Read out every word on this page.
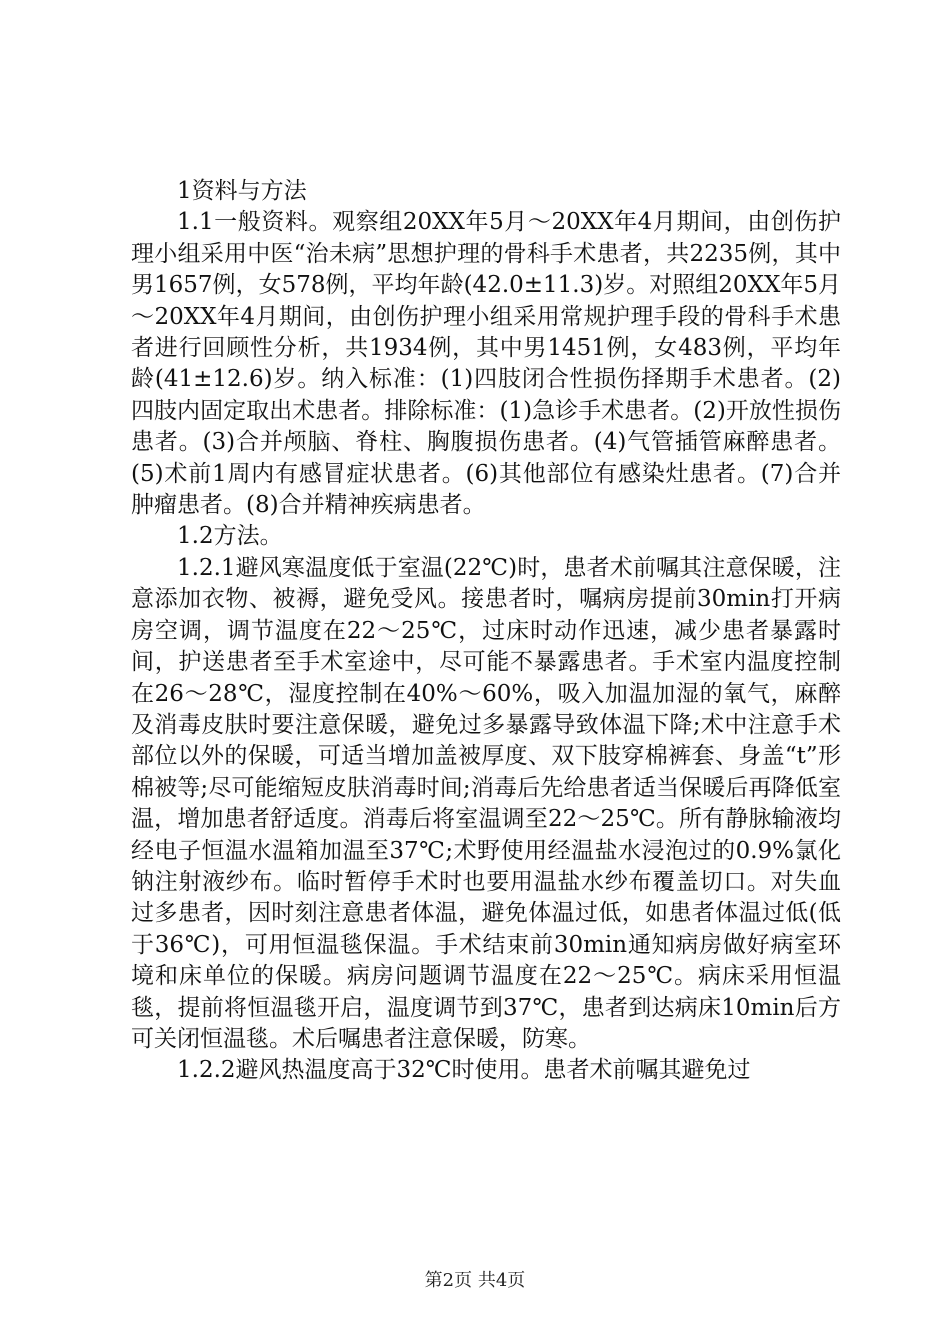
1资料与方法

1.1一般资料。观察组20XX年5月～20XX年4月期间，由创伤护理小组采用中医“治未病”思想护理的骨科手术患者，共2235例，其中男1657例，女578例，平均年龄(42.0±11.3)岁。对照组20XX年5月～20XX年4月期间，由创伤护理小组采用常规护理手段的骨科手术患者进行回顾性分析，共1934例，其中男1451例，女483例，平均年龄(41±12.6)岁。纳入标准：(1)四肢闭合性损伤择期手术患者。(2)四肢内固定取出术患者。排除标准：(1)急诊手术患者。(2)开放性损伤患者。(3)合并颅脑、脊柱、胸腹损伤患者。(4)气管插管麻醉患者。(5)术前1周内有感冒症状患者。(6)其他部位有感染灶患者。(7)合并肿瘤患者。(8)合并精神疾病患者。

1.2方法。

1.2.1避风寒温度低于室温(22℃)时，患者术前嘱其注意保暖，注意添加衣物、被褥，避免受风。接患者时，嘱病房提前30min打开病房空调，调节温度在22～25℃，过床时动作迅速，减少患者暴露时间，护送患者至手术室途中，尽可能不暴露患者。手术室内温度控制在26～28℃，湿度控制在40%～60%，吸入加温加湿的氧气，麻醉及消毒皮肤时要注意保暖，避免过多暴露导致体温下降;术中注意手术部位以外的保暖，可适当增加盖被厚度、双下肢穿棉裤套、身盖“t”形棉被等;尽可能缩短皮肤消毒时间;消毒后先给患者适当保暖后再降低室温，增加患者舒适度。消毒后将室温调至22～25℃。所有静脉输液均经电子恒温水温箱加温至37℃;术野使用经温盐水浸泡过的0.9%氯化钠注射液纱布。临时暂停手术时也要用温盐水纱布覆盖切口。对失血过多患者，因时刻注意患者体温，避免体温过低，如患者体温过低(低于36℃)，可用恒温毯保温。手术结束前30min通知病房做好病室环境和床单位的保暖。病房问题调节温度在22～25℃。病床采用恒温毯，提前将恒温毯开启，温度调节到37℃，患者到达病床10min后方可关闭恒温毯。术后嘱患者注意保暖，防寒。

1.2.2避风热温度高于32℃时使用。患者术前嘱其避免过

第2页 共4页
